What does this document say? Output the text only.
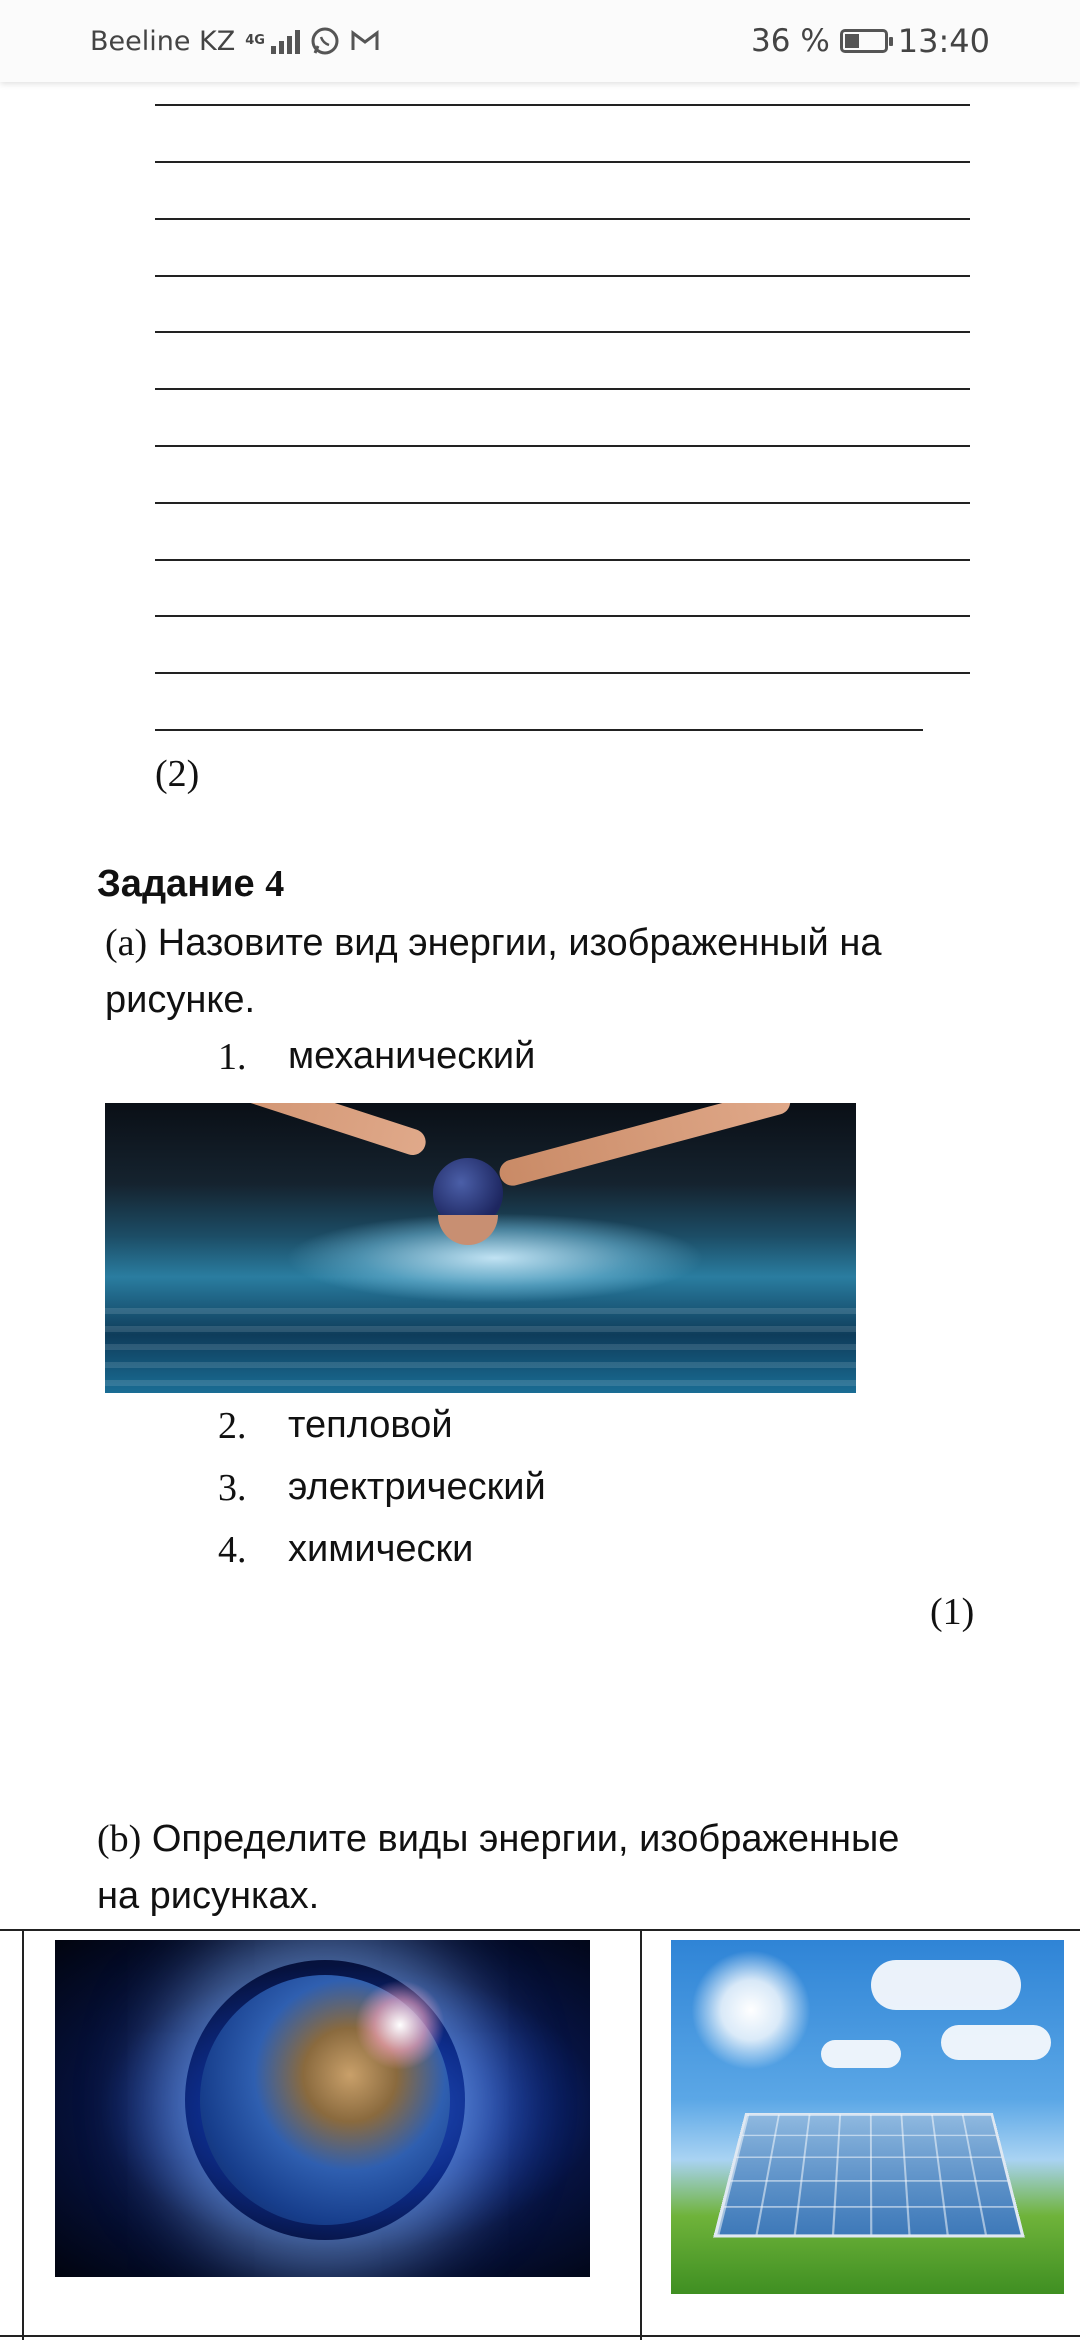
Beeline KZ 4G	36 % 13:40
(2)
Задание 4
(a) Назовите вид энергии, изображенный на рисунке.
1.	механический
2.	тепловой
3.	электрический
4.	химически
(1)
(b) Определите виды энергии, изображенные на рисунках.
